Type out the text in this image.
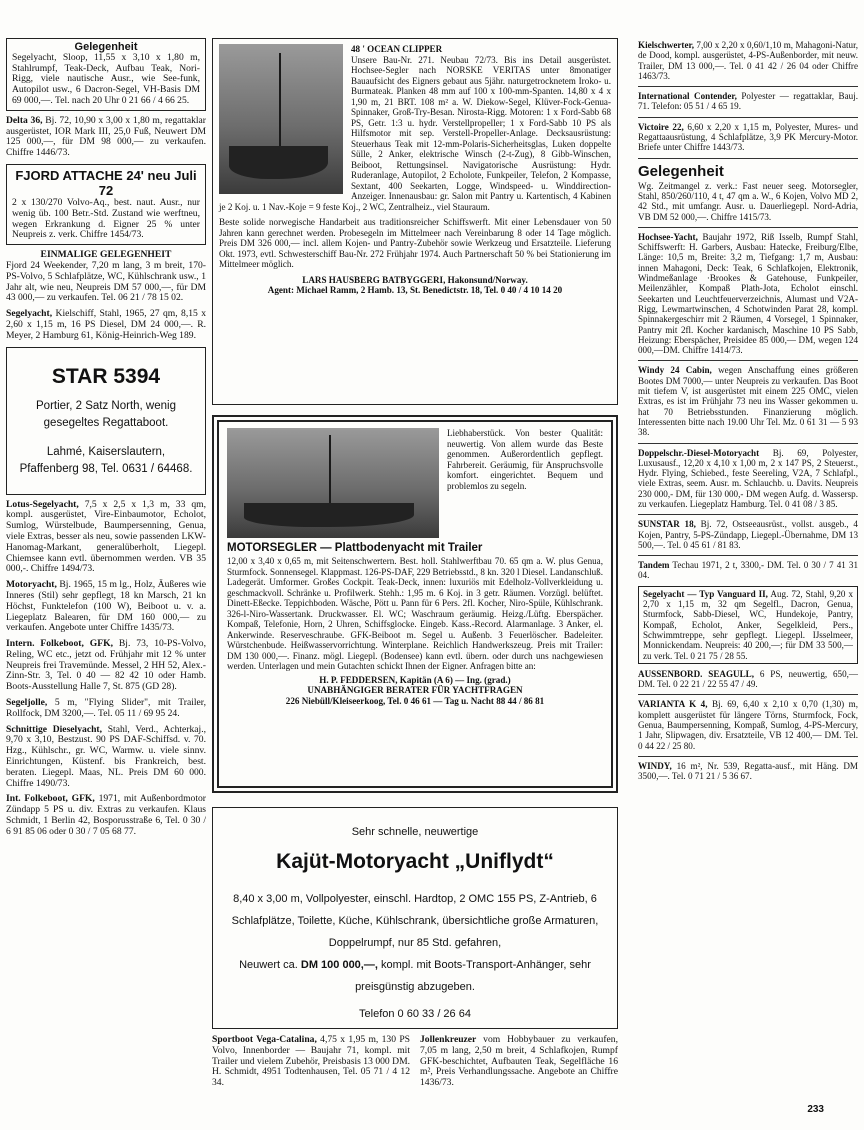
Gelegenheit
Segelyacht, Sloop, 11,55 x 3,10 x 1,80 m, Stahlrumpf, Teak-Deck, Aufbau Teak, Nori-Rigg, viele nautische Ausr., wie See-funk, Autopilot usw., 6 Dacron-Segel, VH-Basis DM 69 000,—. Tel. nach 20 Uhr 0 21 66 / 4 66 25.
Delta 36, Bj. 72, 10,90 x 3,00 x 1,80 m, regattaklar ausgerüstet, IOR Mark III, 25,0 Fuß, Neuwert DM 125 000,—, für DM 98 000,— zu verkaufen. Chiffre 1446/73.
FJORD ATTACHE 24' neu Juli 72
2 x 130/270 Volvo-Aq., best. naut. Ausr., nur wenig üb. 100 Betr.-Std. Zustand wie werftneu, wegen Erkrankung d. Eigner 25 % unter Neupreis z. verk. Chiffre 1454/73.
EINMALIGE GELEGENHEIT
Fjord 24 Weekender, 7,20 m lang, 3 m breit, 170-PS-Volvo, 5 Schlafplätze, WC, Kühlschrank usw., 1 Jahr alt, wie neu, Neupreis DM 57 000,—, für DM 43 000,— zu verkaufen. Tel. 06 21 / 78 15 02.
Segelyacht, Kielschiff, Stahl, 1965, 27 qm, 8,15 x 2,60 x 1,15 m, 16 PS Diesel, DM 24 000,—. R. Meyer, 2 Hamburg 61, König-Heinrich-Weg 189.
STAR 5394
Portier, 2 Satz North, wenig gesegeltes Regattaboot.
Lahmé, Kaiserslautern, Pfaffenberg 98, Tel. 0631 / 64468.
Lotus-Segelyacht, 7,5 x 2,5 x 1,3 m, 33 qm, kompl. ausgerüstet, Vire-Einbaumotor, Echolot, Sumlog, Würstelbude, Baumpersenning, Genua, viele Extras, besser als neu, sowie passenden LKW-Hanomag-Markant, generalüberholt, Liegepl. Chiemsee kann evtl. übernommen werden. VB 35 000,-. Chiffre 1494/73.
Motoryacht, Bj. 1965, 15 m lg., Holz, Äußeres wie Inneres (Stil) sehr gepflegt, 18 kn Marsch, 21 kn Höchst, Funktelefon (100 W), Beiboot u. v. a. Liegeplatz Balearen, für DM 160 000,— zu verkaufen. Angebote unter Chiffre 1435/73.
Intern. Folkeboot, GFK, Bj. 73, 10-PS-Volvo, Reling, WC etc., jetzt od. Frühjahr mit 12 % unter Neupreis frei Travemünde. Messel, 2 HH 52, Alex.-Zinn-Str. 3, Tel. 0 40 — 82 42 10 oder Hamb. Boots-Ausstellung Halle 7, St. 875 (GD 28).
Segeljolle, 5 m, "Flying Slider", mit Trailer, Rollfock, DM 3200,—. Tel. 05 11 / 69 95 24.
Schnittige Dieselyacht, Stahl, Verd., Achterkaj., 9,70 x 3,10, Bestzust. 90 PS DAF-Schiffsd. v. 70. Hzg., Kühlschr., gr. WC, Warmw. u. viele sinnv. Einrichtungen, Küstenf. bis Frankreich, best. beraten. Liegepl. Maas, NL. Preis DM 60 000. Chiffre 1490/73.
Int. Folkeboot, GFK, 1971, mit Außenbordmotor Zündapp 5 PS u. div. Extras zu verkaufen. Klaus Schmidt, 1 Berlin 42, Bosporusstraße 6, Tel. 0 30 / 6 91 85 06 oder 0 30 / 7 05 68 77.
48 ' OCEAN CLIPPER
Unsere Bau-Nr. 271. Neubau 72/73. Bis ins Detail ausgerüstet. Hochsee-Segler nach NORSKE VERITAS unter 8monatiger Bauaufsicht des Eigners gebaut aus 5jähr. naturgetrocknetem Iroko- u. Burmateak. Planken 48 mm auf 100 x 100-mm-Spanten. 14,80 x 4 x 1,90 m, 21 BRT. 108 m² a. W. Diekow-Segel, Klüver-Fock-Genua-Spinnaker, Groß-Try-Besan. Nirosta-Rigg. Motoren: 1 x Ford-Sabb 68 PS, Getr. 1:3 u. hydr. Verstellpropeller; 1 x Ford-Sabb 10 PS als Hilfsmotor mit sep. Verstell-Propeller-Anlage. Decksausrüstung: Steuerhaus Teak mit 12-mm-Polaris-Sicherheitsglas, Luken doppelte Sülle, 2 Anker, elektrische Winsch (2-t-Zug), 8 Gibb-Winschen, Beiboot, Rettungsinsel. Navigatorische Ausrüstung: Hydr. Ruderanlage, Autopilot, 2 Echolote, Funkpeiler, Telefon, 2 Kompasse, Sextant, 400 Seekarten, Logge, Windspeed- u. Winddirection-Anzeiger. Innenausbau: gr. Salon mit Pantry u. Kartentisch, 4 Kabinen je 2 Koj. u. 1 Nav.-Koje = 9 feste Koj., 2 WC, Zentralheiz., viel Stauraum.
Beste solide norwegische Handarbeit aus traditionsreicher Schiffswerft. Mit einer Lebensdauer von 50 Jahren kann gerechnet werden. Probesegeln im Mittelmeer nach Vereinbarung 8 oder 14 Tage möglich. Preis DM 326 000,— incl. allem Kojen- und Pantry-Zubehör sowie Werkzeug und Ersatzteile. Lieferung Okt. 1973, evtl. Schwesterschiff Bau-Nr. 272 Frühjahr 1974. Auch Partnerschaft 50 % bei Stationierung im Mittelmeer möglich.
LARS HAUSBERG BATBYGGERI, Hakonsund/Norway.
Agent: Michael Ramm, 2 Hamb. 13, St. Benedictstr. 18, Tel. 0 40 / 4 10 14 20
Liebhaberstück. Von bester Qualität: neuwertig. Von allem wurde das Beste genommen. Außerordentlich gepflegt. Fahrbereit. Geräumig, für Anspruchsvolle komfort. eingerichtet. Bequem und problemlos zu segeln.
MOTORSEGLER — Plattbodenyacht mit Trailer
12,00 x 3,40 x 0,65 m, mit Seitenschwertern. Best. holl. Stahlwerftbau 70. 65 qm a. W. plus Genua, Sturmfock. Sonnensegel. Klappmast. 126-PS-DAF, 229 Betriebsstd., 8 kn. 320 l Diesel. Landanschluß. Ladegerät. Umformer. Großes Cockpit. Teak-Deck, innen: luxuriös mit Edelholz-Vollverkleidung u. geschmackvoll. Schränke u. Profilwerk. Stehh.: 1,95 m. 6 Koj. in 3 getr. Räumen. Vorzügl. belüftet. Dinett-Eßecke. Teppichboden. Wäsche, Pött u. Pann für 6 Pers. 2fl. Kocher, Niro-Spüle, Kühlschrank. 326-l-Niro-Wassertank. Druckwasser. El. WC; Waschraum geräumig. Heizg./Lüftg. Eberspächer. Kompaß, Telefonie, Horn, 2 Uhren, Schiffsglocke. Eingeb. Kass.-Record. Alarmanlage. 3 Anker, el. Ankerwinde. Reserveschraube. GFK-Beiboot m. Segel u. Außenb. 3 Feuerlöscher. Badeleiter. Würstchenbude. Heißwasservorrichtung. Winterplane. Reichlich Handwerkszeug. Preis mit Trailer: DM 130 000,—. Finanz. mögl. Liegepl. (Bodensee) kann evtl. übern. oder durch uns nachgewiesen werden. Unterlagen und mein Gutachten schickt Ihnen der Eigner. Anfragen bitte an:
H. P. FEDDERSEN, Kapitän (A 6) — Ing. (grad.)
UNABHÄNGIGER BERATER FÜR YACHTFRAGEN
226 Niebüll/Kleiseerkoog, Tel. 0 46 61 — Tag u. Nacht 88 44 / 86 81
Sehr schnelle, neuwertige
Kajüt-Motoryacht „Uniflydt“
8,40 x 3,00 m, Vollpolyester, einschl. Hardtop, 2 OMC 155 PS, Z-Antrieb, 6 Schlafplätze, Toilette, Küche, Kühlschrank, übersichtliche große Armaturen, Doppelrumpf, nur 85 Std. gefahren,
Neuwert ca. DM 100 000,—, kompl. mit Boots-Transport-Anhänger, sehr preisgünstig abzugeben.
Telefon 0 60 33 / 26 64
Sportboot Vega-Catalina, 4,75 x 1,95 m, 130 PS Volvo, Innenborder — Baujahr 71, kompl. mit Trailer und vielem Zubehör, Preisbasis 13 000 DM. H. Schmidt, 4951 Todtenhausen, Tel. 05 71 / 4 12 34.
Jollenkreuzer vom Hobbybauer zu verkaufen, 7,05 m lang, 2,50 m breit, 4 Schlafkojen, Rumpf GFK-beschichtet, Aufbauten Teak, Segelfläche 16 m², Preis Verhandlungssache. Angebote an Chiffre 1436/73.
Kielschwerter, 7,00 x 2,20 x 0,60/1,10 m, Mahagoni-Natur, de Dood, kompl. ausgerüstet, 4-PS-Außenborder, mit neuw. Trailer, DM 13 000,—. Tel. 0 41 42 / 26 04 oder Chiffre 1463/73.
International Contender, Polyester — regattaklar, Bauj. 71. Telefon: 05 51 / 4 65 19.
Victoire 22, 6,60 x 2,20 x 1,15 m, Polyester, Mures- und Regattaausrüstung, 4 Schlafplätze, 3,9 PK Mercury-Motor. Briefe unter Chiffre 1443/73.
Gelegenheit
Wg. Zeitmangel z. verk.: Fast neuer seeg. Motorsegler, Stahl, 850/260/110, 4 t, 47 qm a. W., 6 Kojen, Volvo MD 2, 42 Std., mit umfangr. Ausr. u. Dauerliegepl. Nord-Adria, VB DM 52 000,—. Chiffre 1415/73.
Hochsee-Yacht, Baujahr 1972, Riß Isselb, Rumpf Stahl, Schiffswerft: H. Garbers, Ausbau: Hatecke, Freiburg/Elbe, Länge: 10,5 m, Breite: 3,2 m, Tiefgang: 1,7 m, Ausbau: innen Mahagoni, Deck: Teak, 6 Schlafkojen, Elektronik, Windmeßanlage ·Brookes & Gatehouse, Funkpeiler, Meilenzähler, Kompaß Plath-Jota, Echolot einschl. Seekarten und Leuchtfeuerverzeichnis, Alumast und V2A-Rigg, Lewmartwinschen, 4 Schotwinden Parat 28, kompl. Spinnakergeschirr mit 2 Räumen, 4 Vorsegel, 1 Spinnaker, Pantry mit 2fl. Kocher kardanisch, Maschine 10 PS Sabb, Heizung: Eberspächer, Preisidee 85 000,— DM, wegen 124 000,—DM. Chiffre 1414/73.
Windy 24 Cabin, wegen Anschaffung eines größeren Bootes DM 7000,— unter Neupreis zu verkaufen. Das Boot mit tiefem V, ist ausgerüstet mit einem 225 OMC, vielen Extras, es ist im Frühjahr 73 neu ins Wasser gekommen u. hat 70 Betriebsstunden. Finanzierung möglich. Interessenten bitte nach 19.00 Uhr Tel. Mz. 0 61 31 — 5 93 38.
Doppelschr.-Diesel-Motoryacht Bj. 69, Polyester, Luxusausf., 12,20 x 4,10 x 1,00 m, 2 x 147 PS, 2 Steuerst., Hydr. Flying, Schiebed., feste Seereling, V2A, 7 Schlafpl., viele Extras, seem. Ausr. m. Schlauchb. u. Davits. Neupreis 230 000,- DM, für 130 000,- DM wegen Aufg. d. Wassersp. zu verkaufen. Liegeplatz Hamburg. Tel. 0 41 08 / 3 85.
SUNSTAR 18, Bj. 72, Ostseeausrüst., vollst. ausgeb., 4 Kojen, Pantry, 5-PS-Zündapp, Liegepl.-Übernahme, DM 13 500,—. Tel. 0 45 61 / 81 83.
Tandem Techau 1971, 2 t, 3300,- DM. Tel. 0 30 / 7 41 31 04.
Segelyacht — Typ Vanguard II, Aug. 72, Stahl, 9,20 x 2,70 x 1,15 m, 32 qm Segelfl., Dacron, Genua, Sturmfock, Sabb-Diesel, WC, Hundekoje, Pantry, Kompaß, Echolot, Anker, Segelkleid, Pers., Schwimmtreppe, sehr gepflegt. Liegepl. IJsselmeer, Monnickendam. Neupreis: 40 200,—; für DM 33 500,— zu verk. Tel. 0 21 75 / 28 55.
AUSSENBORD. SEAGULL, 6 PS, neuwertig, 650,— DM. Tel. 0 22 21 / 22 55 47 / 49.
VARIANTA K 4, Bj. 69, 6,40 x 2,10 x 0,70 (1,30) m, komplett ausgerüstet für längere Törns, Sturmfock, Fock, Genua, Baumpersenning, Kompaß, Sumlog, 4-PS-Mercury, 1 Jahr, Slipwagen, div. Ersatzteile, VB 12 400,— DM. Tel. 0 44 22 / 25 80.
WINDY, 16 m², Nr. 539, Regatta-ausf., mit Häng. DM 3500,—. Tel. 0 71 21 / 5 36 67.
233
